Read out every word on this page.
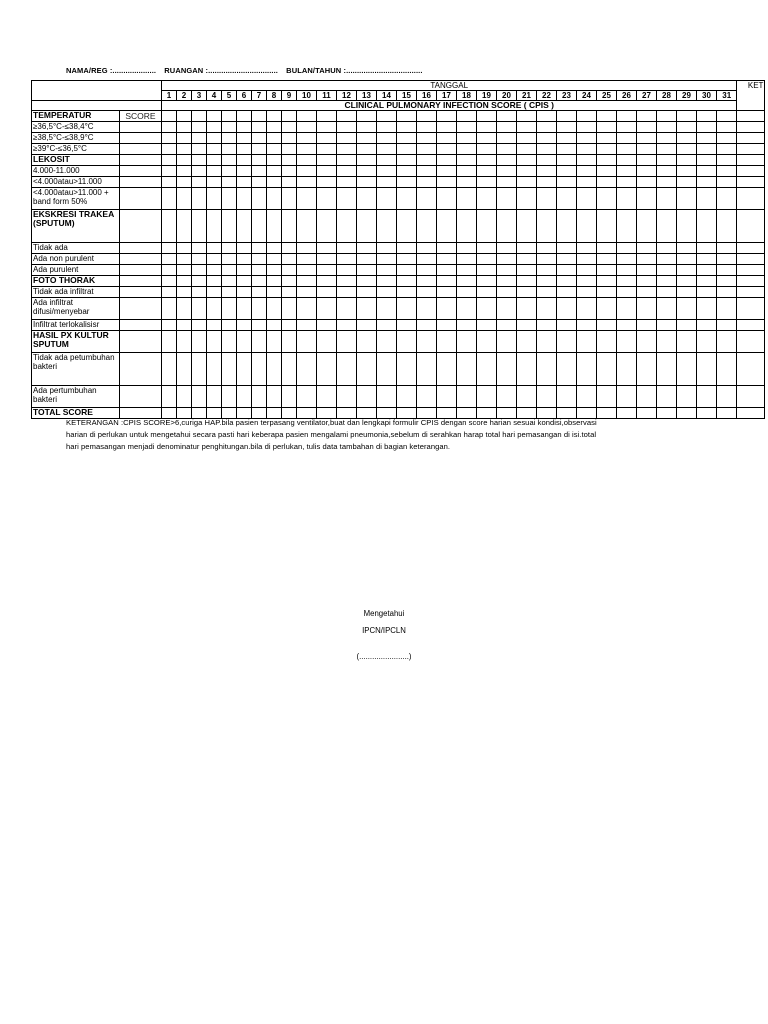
NAMA/REG :.................... RUANGAN :................................ BULAN/TAHUN :...................................
		TANGGAL																															KET
		1	2	3	4	5	6	7	8	9	10	11	12	13	14	15	16	17	18	19	20	21	22	23	24	25	26	27	28	29	30	31	
		CLINICAL PULMONARY INFECTION SCORE ( CPIS )																															
TEMPERATUR	SCORE																																
≥36,5°C-≤38,4°C																																	
≥38,5°C-≤38,9°C																																	
≥39°C-≤36,5°C																																	
LEKOSIT																																	
4.000-11.000																																	
<4.000atau>11.000																																	
<4.000atau>11.000 + band form 50%																																	
EKSKRESI TRAKEA (SPUTUM)																																	
Tidak ada																																	
Ada non purulent																																	
Ada purulent																																	
FOTO THORAK																																	
Tidak ada infiltrat																																	
Ada infiltrat difusi/menyebar																																	
Infiltrat terlokalisisr																																	
HASIL PX KULTUR SPUTUM																																	
Tidak ada petumbuhan bakteri																																	
Ada pertumbuhan bakteri																																	
TOTAL SCORE																																	
KETERANGAN :CPIS SCORE>6,curiga HAP.bila pasien terpasang ventilator,buat dan lengkapi formulir CPIS dengan score harian sesuai kondisi,observasi
harian di perlukan untuk mengetahui secara pasti hari keberapa pasien mengalami pneumonia,sebelum di serahkan harap total hari pemasangan di isi.total
hari pemasangan menjadi denominatur penghitungan.bila di perlukan, tulis data tambahan di bagian keterangan.
Mengetahui
IPCN/IPCLN
(.......................)
